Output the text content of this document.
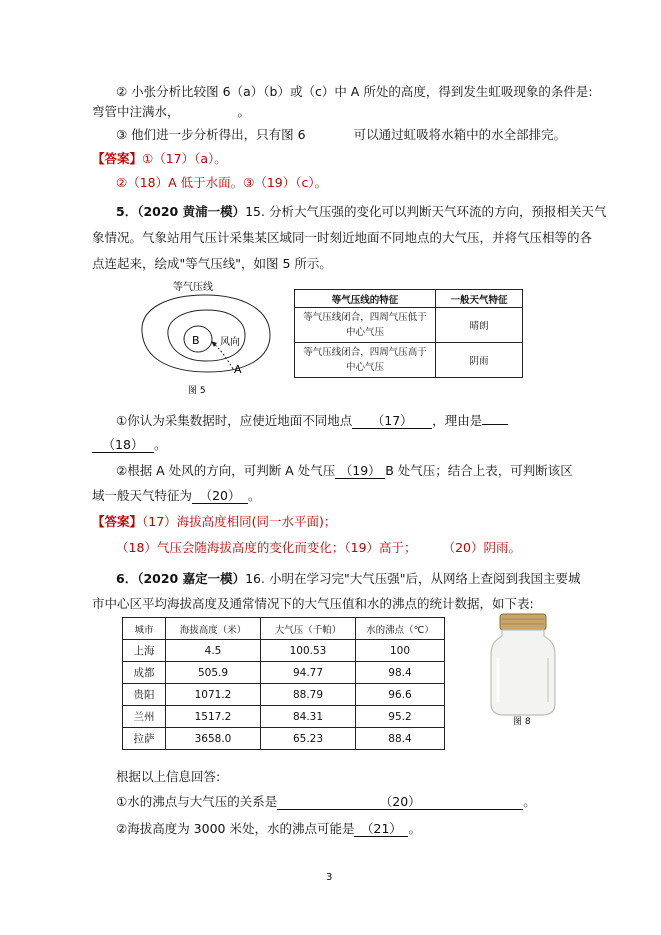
② 小张分析比较图 6（a）（b）或（c）中 A 所处的高度，得到发生虹吸现象的条件是:
弯管中注满水，	。
③ 他们进一步分析得出，只有图 6	可以通过虹吸将水箱中的水全部排完。
【答案】①（17）（a）。
②（18）A 低于水面。③（19）（c）。
5．（2020 黄浦一模）15. 分析大气压强的变化可以判断天气环流的方向，预报相关天气
象情况。气象站用气压计采集某区域同一时刻近地面不同地点的大气压，并将气压相等的各
点连起来，绘成"等气压线"，如图 5 所示。
等气压线
B 风向
A
图 5
等气压线的特征	一般天气特征
等气压线闭合，四周气压低于中心气压	晴朗
等气压线闭合，四周气压高于中心气压	阴雨
①你认为采集数据时，应使近地面不同地点 （17） ，理由是
（18） 。
②根据 A 处风的方向，可判断 A 处气压 （19） B 处气压；结合上表，可判断该区
域一般天气特征为 （20） 。
【答案】（17）海拔高度相同(同一水平面)；
（18）气压会随海拔高度的变化而变化；（19）高于； （20）阴雨。
6．（2020 嘉定一模）16. 小明在学习完"大气压强"后，从网络上查阅到我国主要城
市中心区平均海拔高度及通常情况下的大气压值和水的沸点的统计数据，如下表:
城市	海拔高度（米）	大气压（千帕）	水的沸点（℃）
上海	4.5	100.53	100
成都	505.9	94.77	98.4
贵阳	1071.2	88.79	96.6
兰州	1517.2	84.31	95.2
拉萨	3658.0	65.23	88.4
图 8
根据以上信息回答:
①水的沸点与大气压的关系是	（20）	。
②海拔高度为 3000 米处，水的沸点可能是 （21） 。
3
